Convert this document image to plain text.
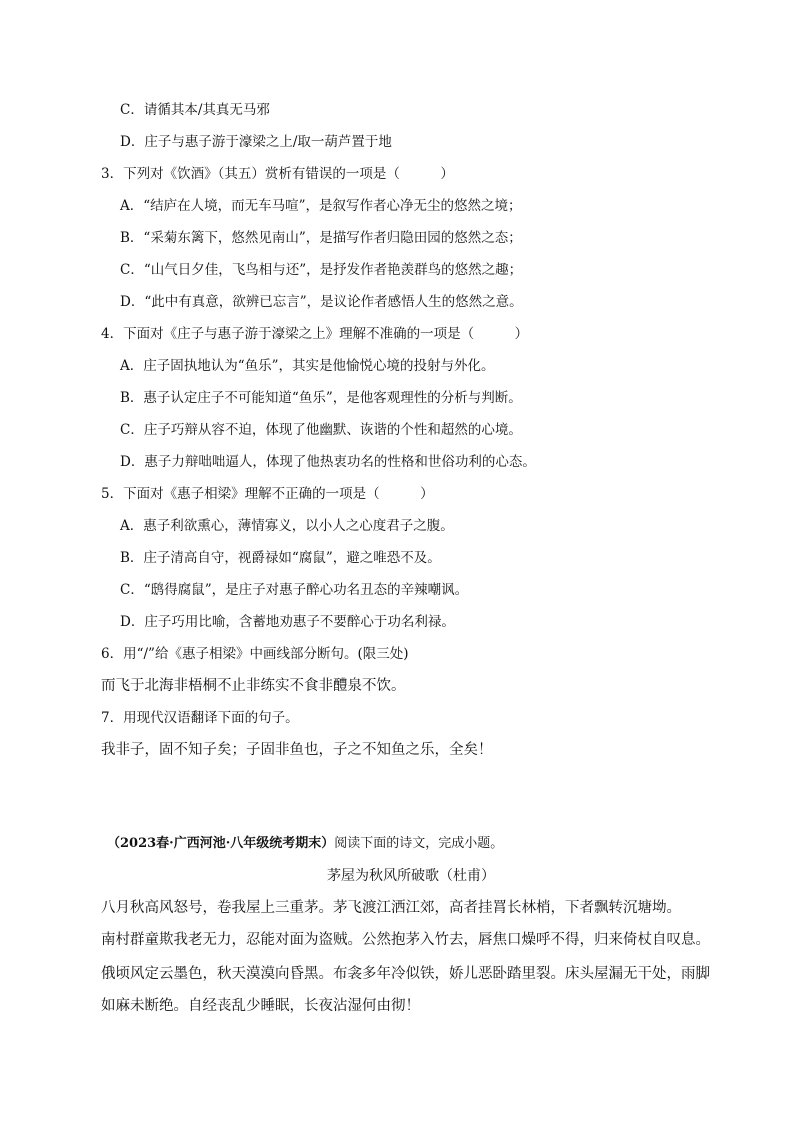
C．请循其本/其真无马邪
D．庄子与惠子游于濠梁之上/取一葫芦置于地
3．下列对《饮酒》（其五）赏析有错误的一项是（　　　）
A．“结庐在人境，而无车马喧”，是叙写作者心净无尘的悠然之境；
B．“采菊东篱下，悠然见南山”，是描写作者归隐田园的悠然之态；
C．“山气日夕佳，飞鸟相与还”，是抒发作者艳羡群鸟的悠然之趣；
D．“此中有真意，欲辨已忘言”，是议论作者感悟人生的悠然之意。
4．下面对《庄子与惠子游于濠梁之上》理解不准确的一项是（　　　）
A．庄子固执地认为“鱼乐”，其实是他愉悦心境的投射与外化。
B．惠子认定庄子不可能知道“鱼乐”，是他客观理性的分析与判断。
C．庄子巧辩从容不迫，体现了他幽默、诙谐的个性和超然的心境。
D．惠子力辩咄咄逼人，体现了他热衷功名的性格和世俗功利的心态。
5．下面对《惠子相梁》理解不正确的一项是（　　　）
A．惠子利欲熏心，薄情寡义，以小人之心度君子之腹。
B．庄子清高自守，视爵禄如“腐鼠”，避之唯恐不及。
C．“鸱得腐鼠”，是庄子对惠子醉心功名丑态的辛辣嘲讽。
D．庄子巧用比喻，含蓄地劝惠子不要醉心于功名利禄。
6．用“/”给《惠子相梁》中画线部分断句。(限三处)
而飞于北海非梧桐不止非练实不食非醴泉不饮。
7．用现代汉语翻译下面的句子。
我非子，固不知子矣；子固非鱼也，子之不知鱼之乐，全矣！
（2023春·广西河池·八年级统考期末）阅读下面的诗文，完成小题。
茅屋为秋风所破歌（杜甫）
八月秋高风怒号，卷我屋上三重茅。茅飞渡江洒江郊，高者挂罥长林梢，下者飘转沉塘坳。
南村群童欺我老无力，忍能对面为盗贼。公然抱茅入竹去，唇焦口燥呼不得，归来倚杖自叹息。
俄顷风定云墨色，秋天漠漠向昏黑。布衾多年冷似铁，娇儿恶卧踏里裂。床头屋漏无干处，雨脚如麻未断绝。自经丧乱少睡眠，长夜沾湿何由彻！
